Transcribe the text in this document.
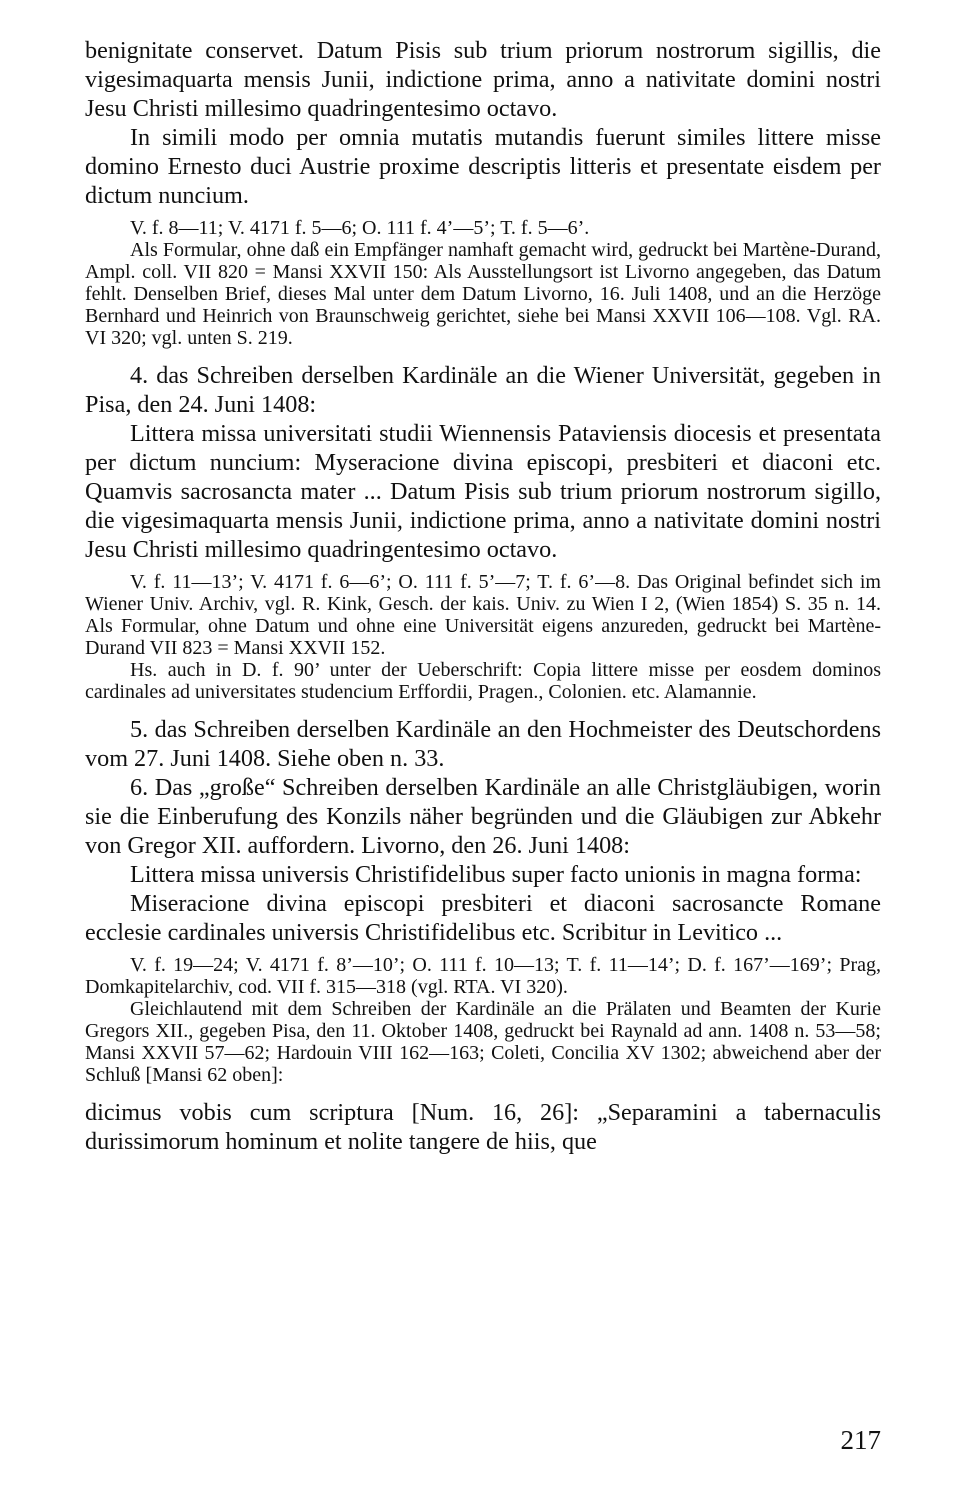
benignitate conservet. Datum Pisis sub trium priorum nostrorum sigillis, die vigesimaquarta mensis Junii, indictione prima, anno a nativitate domini nostri Jesu Christi millesimo quadringentesimo octavo.

In simili modo per omnia mutatis mutandis fuerunt similes littere misse domino Ernesto duci Austrie proxime descriptis litteris et presentate eisdem per dictum nuncium.

V. f. 8—11; V. 4171 f. 5—6; O. 111 f. 4’—5’; T. f. 5—6’.

Als Formular, ohne daß ein Empfänger namhaft gemacht wird, gedruckt bei Martène-Durand, Ampl. coll. VII 820 = Mansi XXVII 150: Als Ausstellungsort ist Livorno angegeben, das Datum fehlt. Denselben Brief, dieses Mal unter dem Datum Livorno, 16. Juli 1408, und an die Herzöge Bernhard und Heinrich von Braunschweig gerichtet, siehe bei Mansi XXVII 106—108. Vgl. RA. VI 320; vgl. unten S. 219.

4. das Schreiben derselben Kardinäle an die Wiener Universität, gegeben in Pisa, den 24. Juni 1408:

Littera missa universitati studii Wiennensis Pataviensis diocesis et presentata per dictum nuncium: Myseracione divina episcopi, presbiteri et diaconi etc. Quamvis sacrosancta mater ... Datum Pisis sub trium priorum nostrorum sigillo, die vigesimaquarta mensis Junii, indictione prima, anno a nativitate domini nostri Jesu Christi millesimo quadringentesimo octavo.

V. f. 11—13’; V. 4171 f. 6—6’; O. 111 f. 5’—7; T. f. 6’—8. Das Original befindet sich im Wiener Univ. Archiv, vgl. R. Kink, Gesch. der kais. Univ. zu Wien I 2, (Wien 1854) S. 35 n. 14. Als Formular, ohne Datum und ohne eine Universität eigens anzureden, gedruckt bei Martène-Durand VII 823 = Mansi XXVII 152.

Hs. auch in D. f. 90’ unter der Ueberschrift: Copia littere misse per eosdem dominos cardinales ad universitates studencium Erffordii, Pragen., Colonien. etc. Alamannie.

5. das Schreiben derselben Kardinäle an den Hochmeister des Deutschordens vom 27. Juni 1408. Siehe oben n. 33.

6. Das „große“ Schreiben derselben Kardinäle an alle Christgläubigen, worin sie die Einberufung des Konzils näher begründen und die Gläubigen zur Abkehr von Gregor XII. auffordern. Livorno, den 26. Juni 1408:

Littera missa universis Christifidelibus super facto unionis in magna forma:

Miseracione divina episcopi presbiteri et diaconi sacrosancte Romane ecclesie cardinales universis Christifidelibus etc. Scribitur in Levitico ...

V. f. 19—24; V. 4171 f. 8’—10’; O. 111 f. 10—13; T. f. 11—14’; D. f. 167’—169’; Prag, Domkapitelarchiv, cod. VII f. 315—318 (vgl. RTA. VI 320).

Gleichlautend mit dem Schreiben der Kardinäle an die Prälaten und Beamten der Kurie Gregors XII., gegeben Pisa, den 11. Oktober 1408, gedruckt bei Raynald ad ann. 1408 n. 53—58; Mansi XXVII 57—62; Hardouin VIII 162—163; Coleti, Concilia XV 1302; abweichend aber der Schluß [Mansi 62 oben]:

dicimus vobis cum scriptura [Num. 16, 26]: „Separamini a tabernaculis durissimorum hominum et nolite tangere de hiis, que

217
